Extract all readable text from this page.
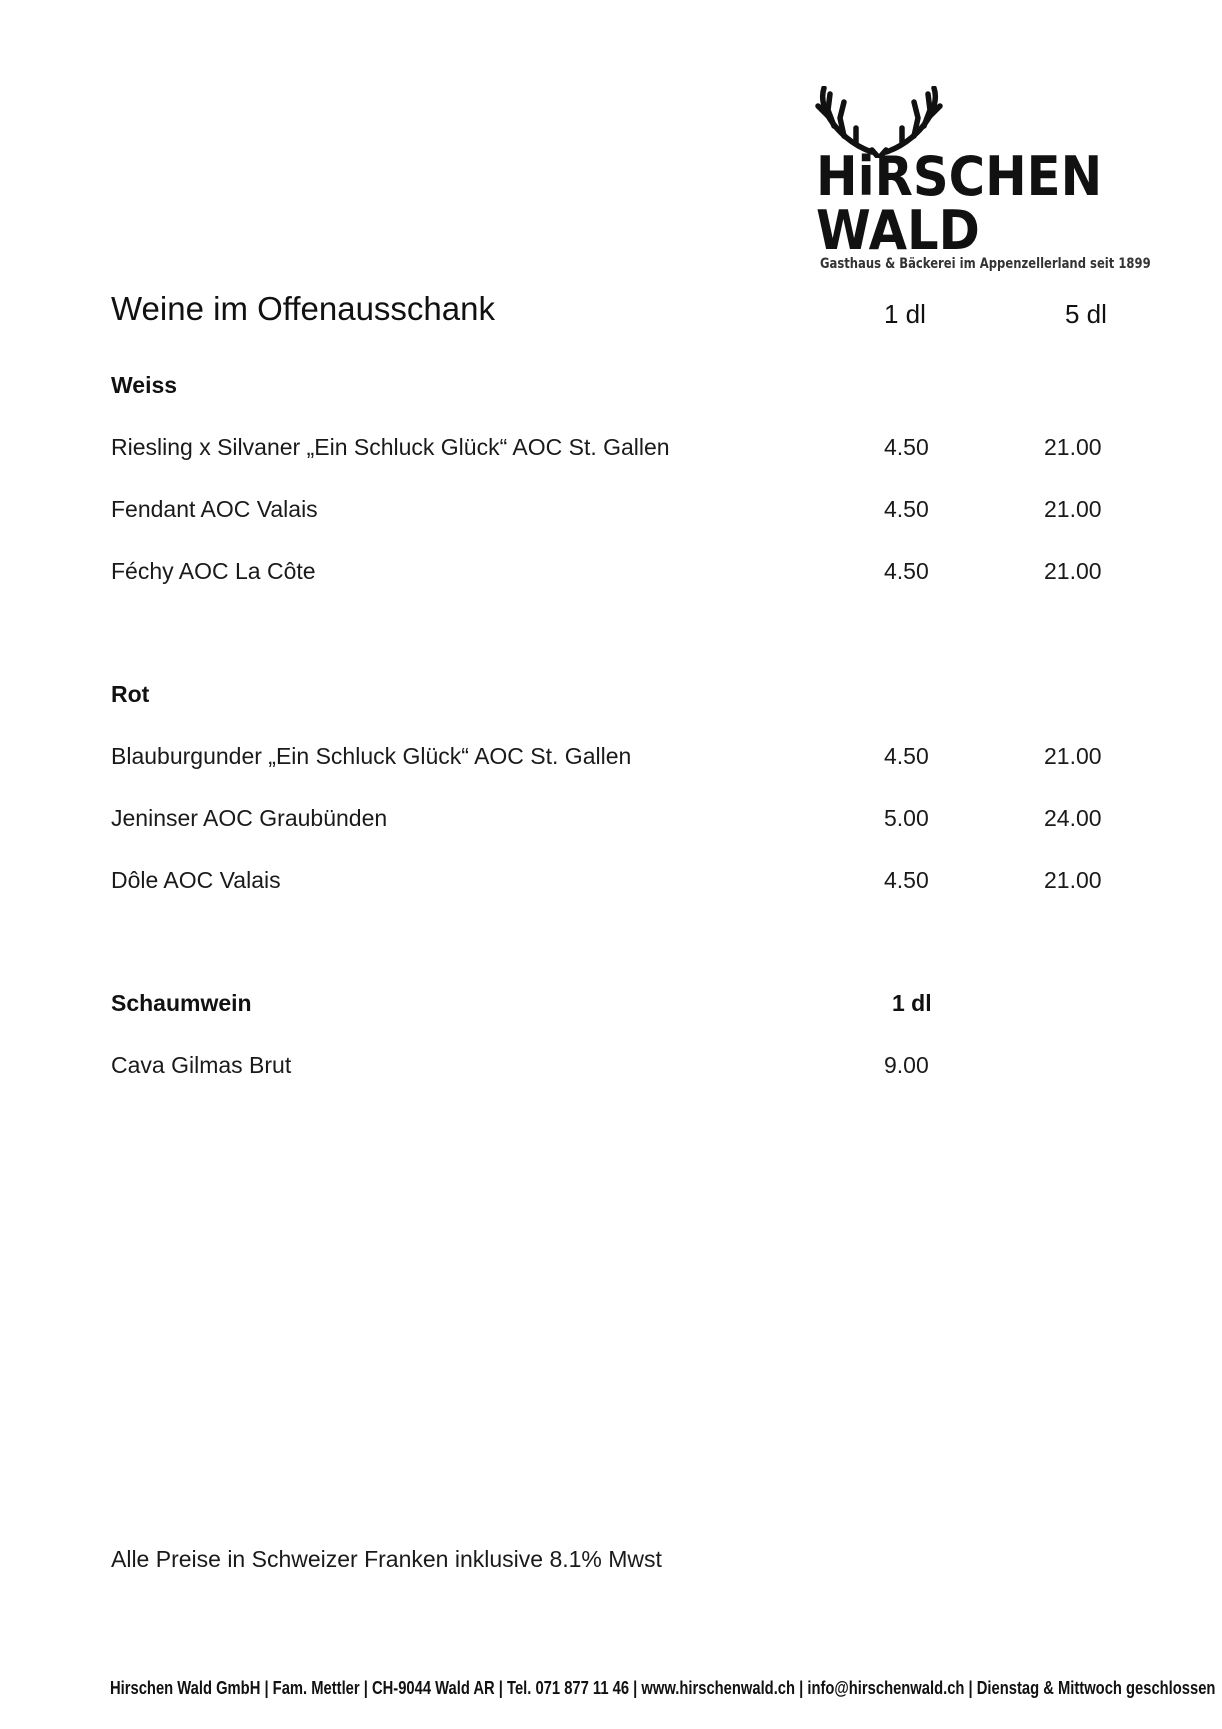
HiRSCHEN
WALD
Gasthaus & Bäckerei im Appenzellerland seit 1899
Weine im Offenausschank	1 dl	5 dl
Weiss
Riesling x Silvaner „Ein Schluck Glück“ AOC St. Gallen	4.50	21.00
Fendant AOC Valais	4.50	21.00
Féchy AOC La Côte	4.50	21.00
Rot
Blauburgunder „Ein Schluck Glück“ AOC St. Gallen	4.50	21.00
Jeninser AOC Graubünden	5.00	24.00
Dôle AOC Valais	4.50	21.00
Schaumwein	1 dl
Cava Gilmas Brut	9.00
Alle Preise in Schweizer Franken inklusive 8.1% Mwst
Hirschen Wald GmbH | Fam. Mettler | CH-9044 Wald AR | Tel. 071 877 11 46 | www.hirschenwald.ch | info@hirschenwald.ch | Dienstag & Mittwoch geschlossen
